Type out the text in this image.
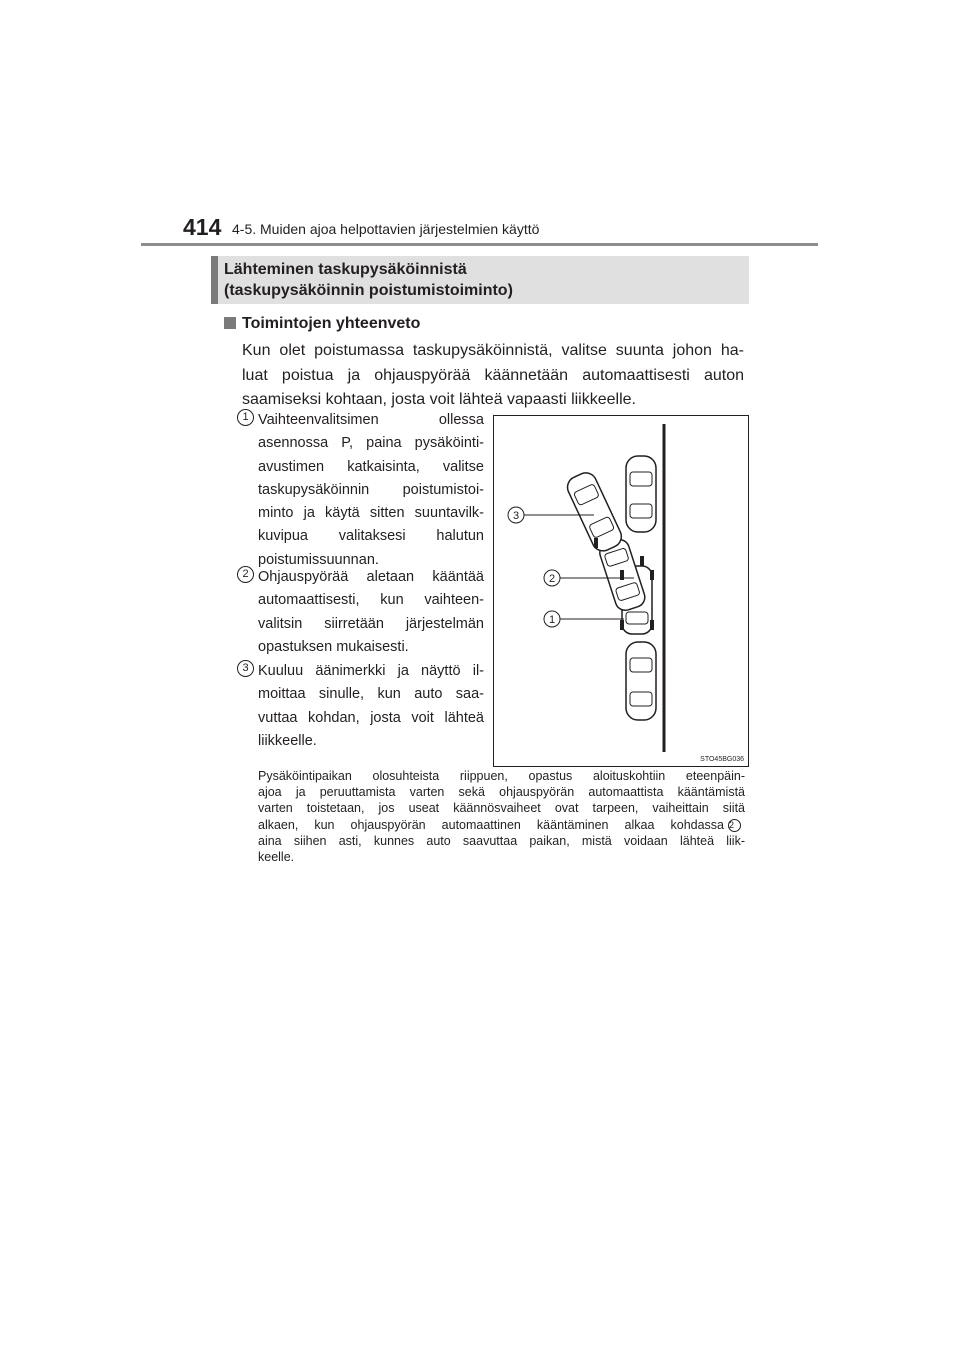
414 4-5. Muiden ajoa helpottavien järjestelmien käyttö
Lähteminen taskupysäköinnistä
(taskupysäköinnin poistumistoiminto)
Toimintojen yhteenveto
Kun olet poistumassa taskupysäköinnistä, valitse suunta johon ha-
luat poistua ja ohjauspyörää käännetään automaattisesti auton
saamiseksi kohtaan, josta voit lähteä vapaasti liikkeelle.
1 Vaihteenvalitsimen ollessa

asennossa P, paina pysäköinti-

avustimen katkaisinta, valitse

taskupysäköinnin poistumistoi-

minto ja käytä sitten suuntavilk-

kuvipua valitaksesi halutun

poistumissuunnan.

2 Ohjauspyörää aletaan kääntää

automaattisesti, kun vaihteen-

valitsin siirretään järjestelmän

opastuksen mukaisesti.

3 Kuuluu äänimerkki ja näyttö il-

moittaa sinulle, kun auto saa-

vuttaa kohdan, josta voit lähteä

liikkeelle.

3
2
1
STO45BG036

Pysäköintipaikan olosuhteista riippuen, opastus aloituskohtiin eteenpäin-

ajoa ja peruuttamista varten sekä ohjauspyörän automaattista kääntämistä

varten toistetaan, jos useat käännösvaiheet ovat tarpeen, vaiheittain siitä

alkaen, kun ohjauspyörän automaattinen kääntäminen alkaa kohdassa 2

aina siihen asti, kunnes auto saavuttaa paikan, mistä voidaan lähteä liik-

keelle.
